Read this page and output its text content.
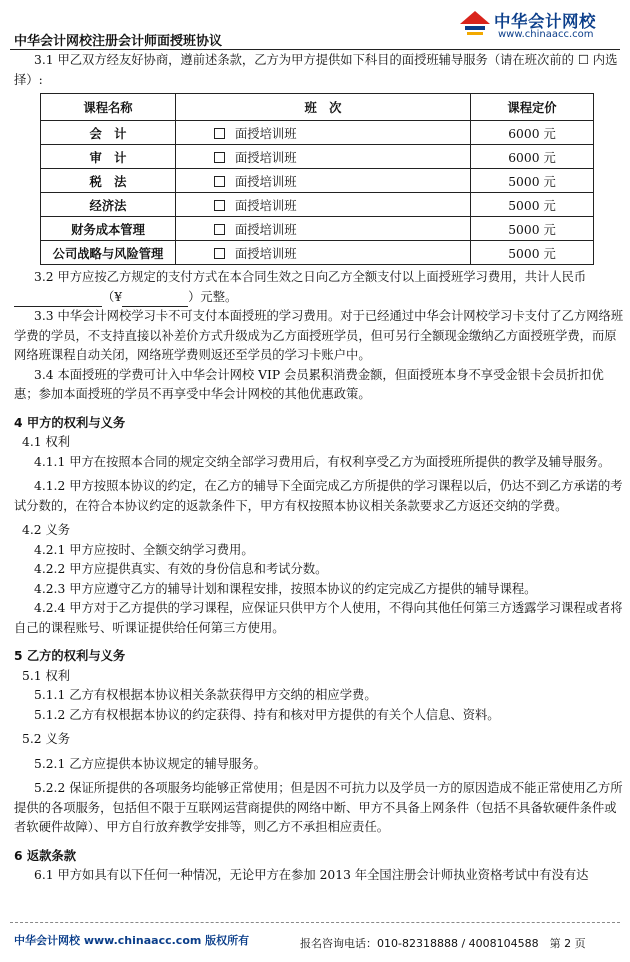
中华会计网校注册会计师面授班协议
中华会计网校
www.chinaacc.com

3.1 甲乙双方经友好协商，遵前述条款，乙方为甲方提供如下科目的面授班辅导服务（请在班次前的 ☐ 内选择）:

课程名称	班　次	课程定价
会　计	面授培训班	6000 元
审　计	面授培训班	6000 元
税　法	面授培训班	5000 元
经济法	面授培训班	5000 元
财务成本管理	面授培训班	5000 元
公司战略与风险管理	面授培训班	5000 元

3.2 甲方应按乙方规定的支付方式在本合同生效之日向乙方全额支付以上面授班学习费用，共计人民币
（¥	）元整。

3.3 中华会计网校学习卡不可支付本面授班的学习费用。对于已经通过中华会计网校学习卡支付了乙方网络班学费的学员，不支持直接以补差价方式升级成为乙方面授班学员，但可另行全额现金缴纳乙方面授班学费，而原网络班课程自动关闭，网络班学费则返还至学员的学习卡账户中。

3.4 本面授班的学费可计入中华会计网校 VIP 会员累积消费金额，但面授班本身不享受金银卡会员折扣优惠；参加本面授班的学员不再享受中华会计网校的其他优惠政策。

4 甲方的权利与义务

4.1 权利

4.1.1 甲方在按照本合同的规定交纳全部学习费用后，有权利享受乙方为面授班所提供的教学及辅导服务。

4.1.2 甲方按照本协议的约定，在乙方的辅导下全面完成乙方所提供的学习课程以后，仍达不到乙方承诺的考试分数的，在符合本协议约定的返款条件下，甲方有权按照本协议相关条款要求乙方返还交纳的学费。

4.2 义务

4.2.1 甲方应按时、全额交纳学习费用。

4.2.2 甲方应提供真实、有效的身份信息和考试分数。

4.2.3 甲方应遵守乙方的辅导计划和课程安排，按照本协议的约定完成乙方提供的辅导课程。

4.2.4 甲方对于乙方提供的学习课程，应保证只供甲方个人使用，不得向其他任何第三方透露学习课程或者将自己的课程账号、听课证提供给任何第三方使用。

5 乙方的权利与义务

5.1 权利

5.1.1 乙方有权根据本协议相关条款获得甲方交纳的相应学费。

5.1.2 乙方有权根据本协议的约定获得、持有和核对甲方提供的有关个人信息、资料。

5.2 义务

5.2.1 乙方应提供本协议规定的辅导服务。

5.2.2 保证所提供的各项服务均能够正常使用；但是因不可抗力以及学员一方的原因造成不能正常使用乙方所提供的各项服务，包括但不限于互联网运营商提供的网络中断、甲方不具备上网条件（包括不具备软硬件条件或者软硬件故障）、甲方自行放弃教学安排等，则乙方不承担相应责任。

6 返款条款

6.1 甲方如具有以下任何一种情况，无论甲方在参加 2013 年全国注册会计师执业资格考试中有没有达

中华会计网校 www.chinaacc.com 版权所有	报名咨询电话：010-82318888 / 4008104588　第 2 页
